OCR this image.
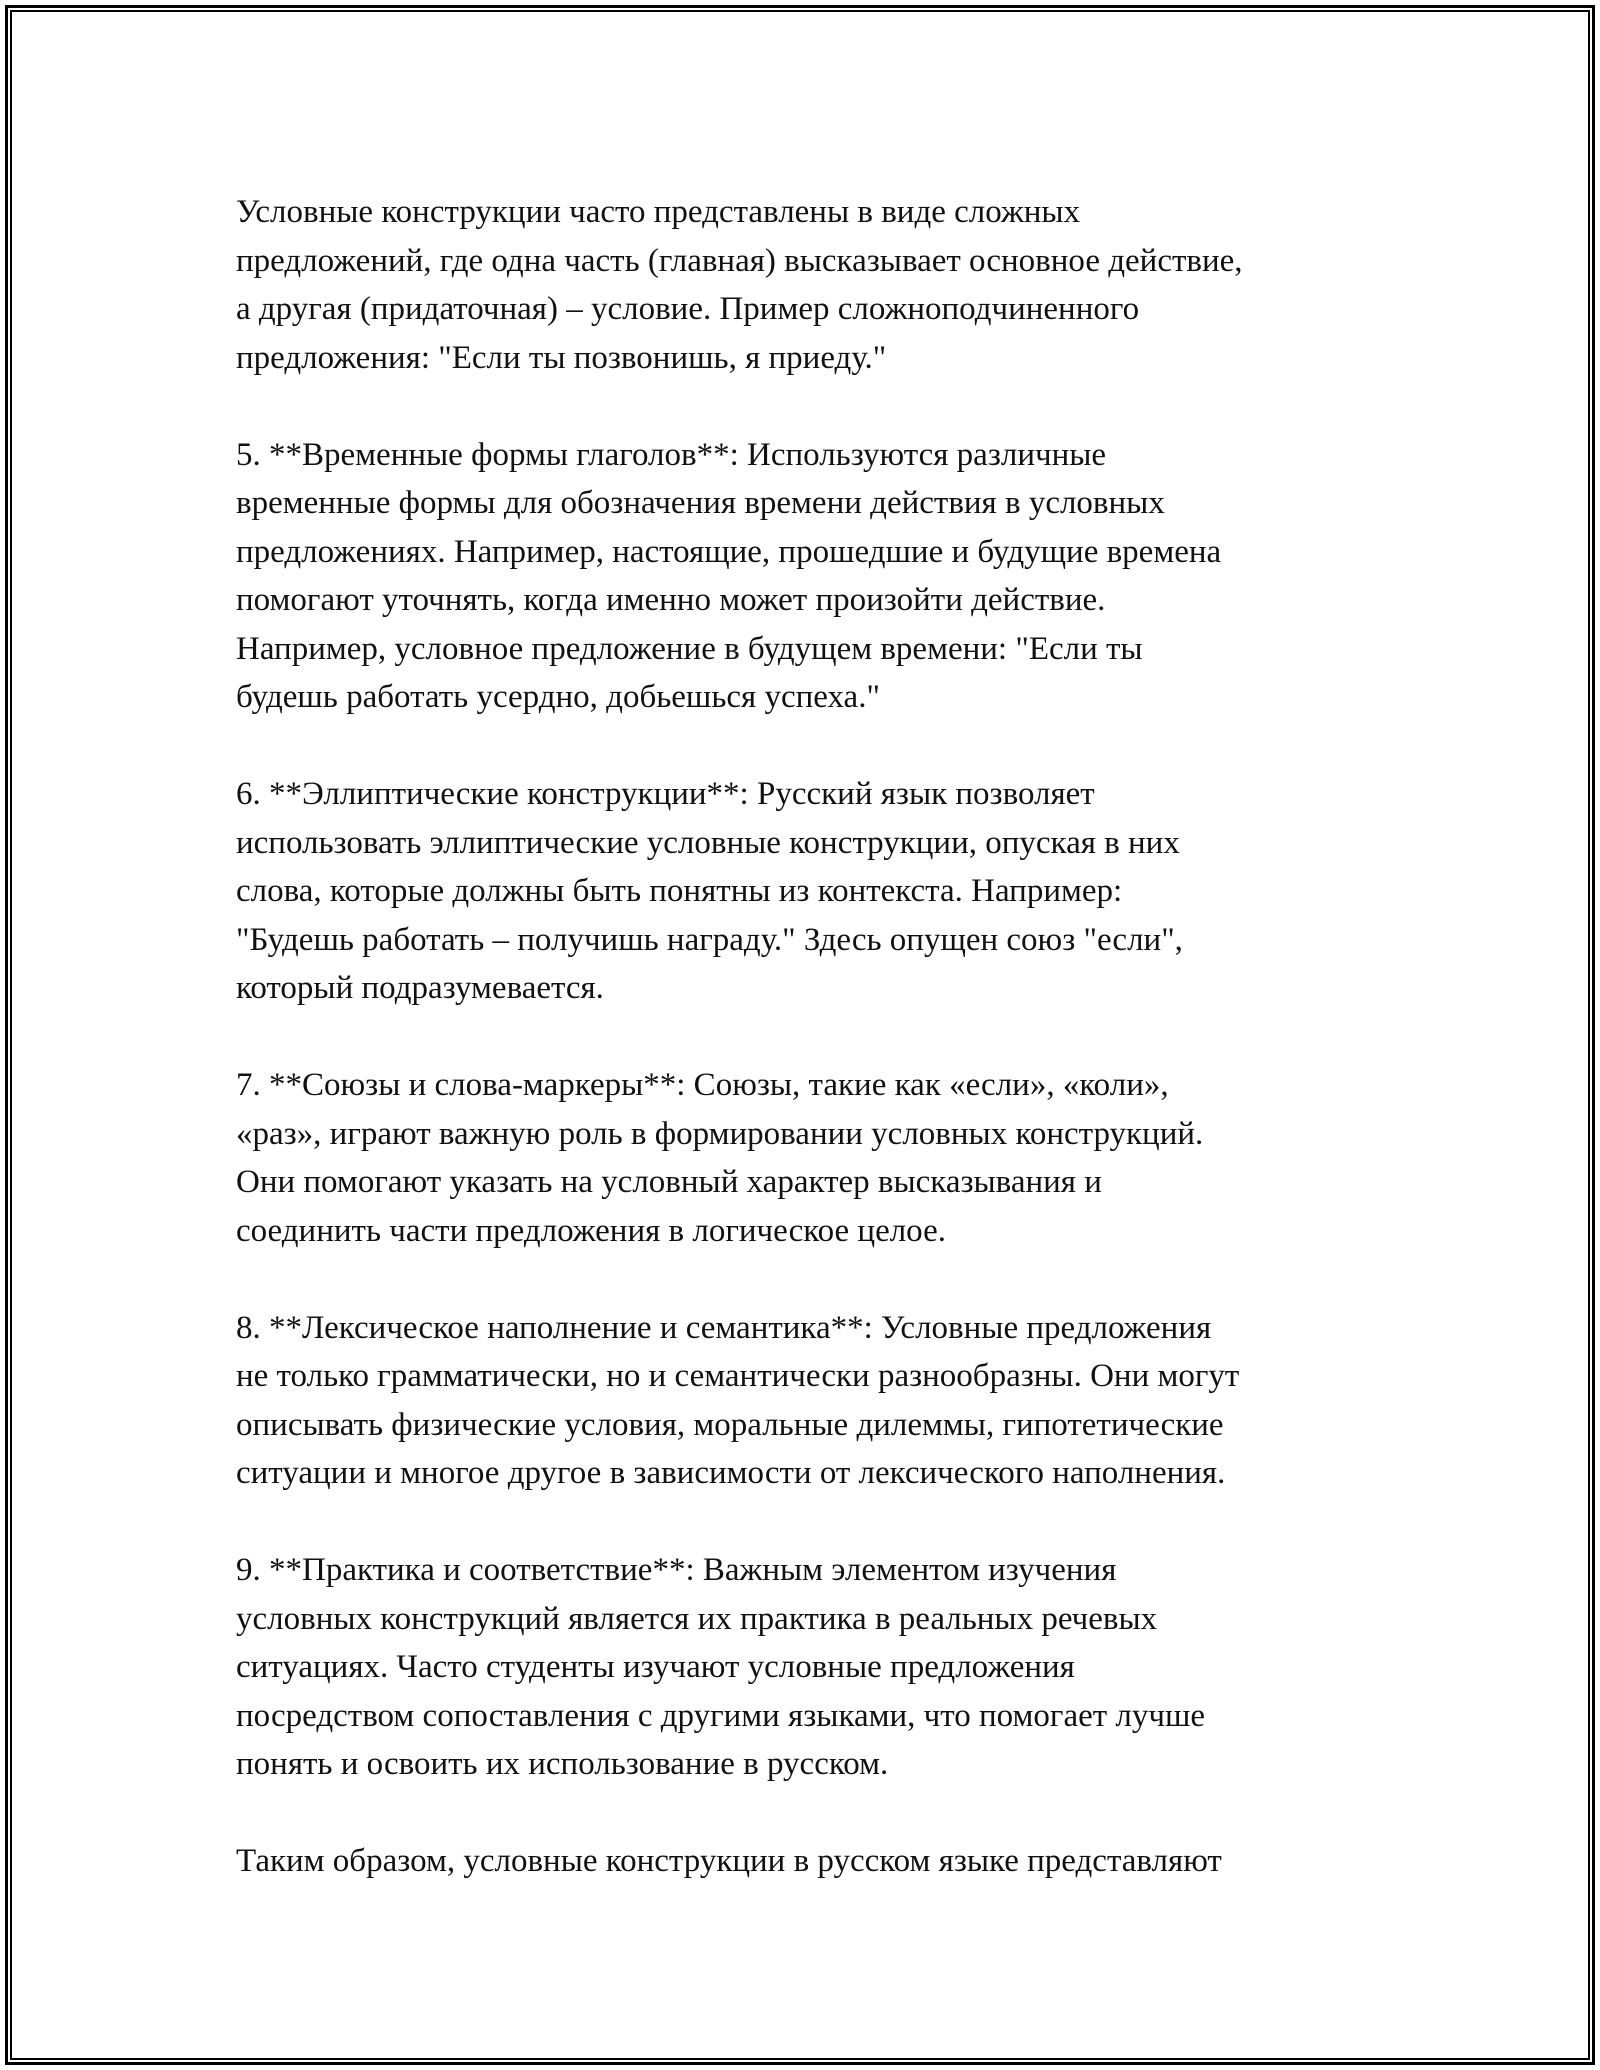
Условные конструкции часто представлены в виде сложных
предложений, где одна часть (главная) высказывает основное действие,
а другая (придаточная) – условие. Пример сложноподчиненного
предложения: "Если ты позвонишь, я приеду."

5. **Временные формы глаголов**: Используются различные
временные формы для обозначения времени действия в условных
предложениях. Например, настоящие, прошедшие и будущие времена
помогают уточнять, когда именно может произойти действие.
Например, условное предложение в будущем времени: "Если ты
будешь работать усердно, добьешься успеха."

6. **Эллиптические конструкции**: Русский язык позволяет
использовать эллиптические условные конструкции, опуская в них
слова, которые должны быть понятны из контекста. Например:
"Будешь работать – получишь награду." Здесь опущен союз "если",
который подразумевается.

7. **Союзы и слова-маркеры**: Союзы, такие как «если», «коли»,
«раз», играют важную роль в формировании условных конструкций.
Они помогают указать на условный характер высказывания и
соединить части предложения в логическое целое.

8. **Лексическое наполнение и семантика**: Условные предложения
не только грамматически, но и семантически разнообразны. Они могут
описывать физические условия, моральные дилеммы, гипотетические
ситуации и многое другое в зависимости от лексического наполнения.

9. **Практика и соответствие**: Важным элементом изучения
условных конструкций является их практика в реальных речевых
ситуациях. Часто студенты изучают условные предложения
посредством сопоставления с другими языками, что помогает лучше
понять и освоить их использование в русском.

Таким образом, условные конструкции в русском языке представляют
